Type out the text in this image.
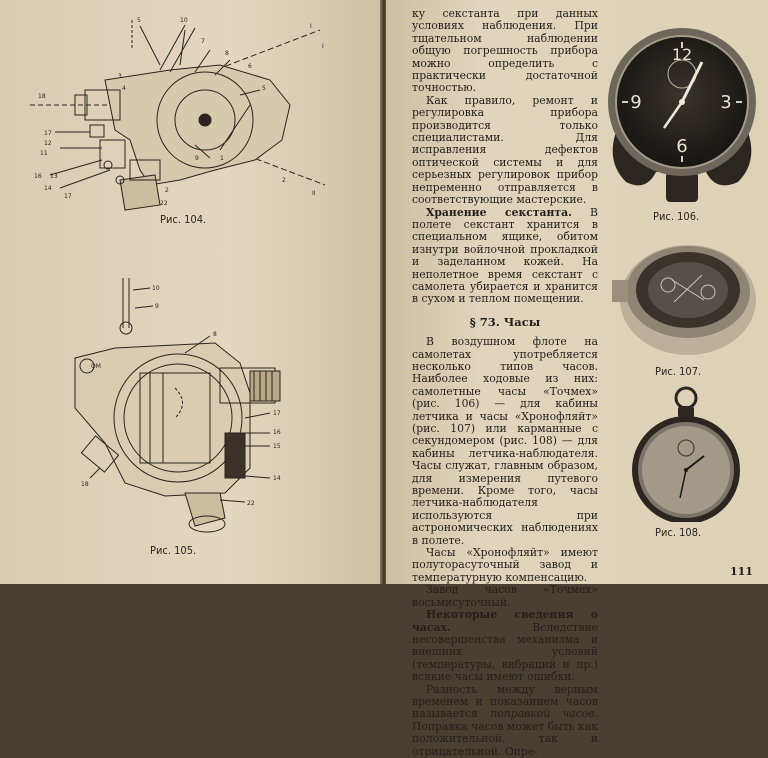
5	10
7
8
6
5
3
4
18
17
12
11
16 13
14
17
22
2
1
9
I
I
II
2
Рис. 104.
10
9
8
OM
17
16
15
14
18
22
Рис. 105.

ку секстанта при данных условиях наблюдения. При тщательном наблюдении общую погрешность прибора можно определить с практически достаточной точностью.

Как правило, ремонт и регулировка прибора производится только специалистами. Для исправления дефектов оптической системы и для серьезных регулировок прибор непременно отправляется в соответствующие мастерские.

Хранение секстанта. В полете секстант хранится в специальном ящике, обитом изнутри войлочной прокладкой и заделанном кожей. На неполетное время секстант с самолета убирается и хранится в сухом и теплом помещении.

§ 73. Часы

В воздушном флоте на самолетах употребляется несколько типов часов. Наиболее ходовые из них: самолетные часы «Точмех» (рис. 106) — для кабины летчика и часы «Хронофляйт» (рис. 107) или карманные с секундомером (рис. 108) — для кабины летчика-наблюдателя. Часы служат, главным образом, для измерения путевого времени. Кроме того, часы летчика-наблюдателя используются при астрономических наблюдениях в полете.

Часы «Хронофляйт» имеют полуторасуточный завод и температурную компенсацию.

Завод часов «Точмех» восьмисуточный.

Некоторые сведения о часах. Вследствие несовершенства механизма и внешних условий (температуры, вибраций и пр.) всякие часы имеют ошибки.

Разность между верным временем и показанием часов называется поправкой часов. Поправка часов может быть как положительной, так и отрицательной. Опре-

12
3
6
9
Рис. 106.
Рис. 107.
Рис. 108.
111
